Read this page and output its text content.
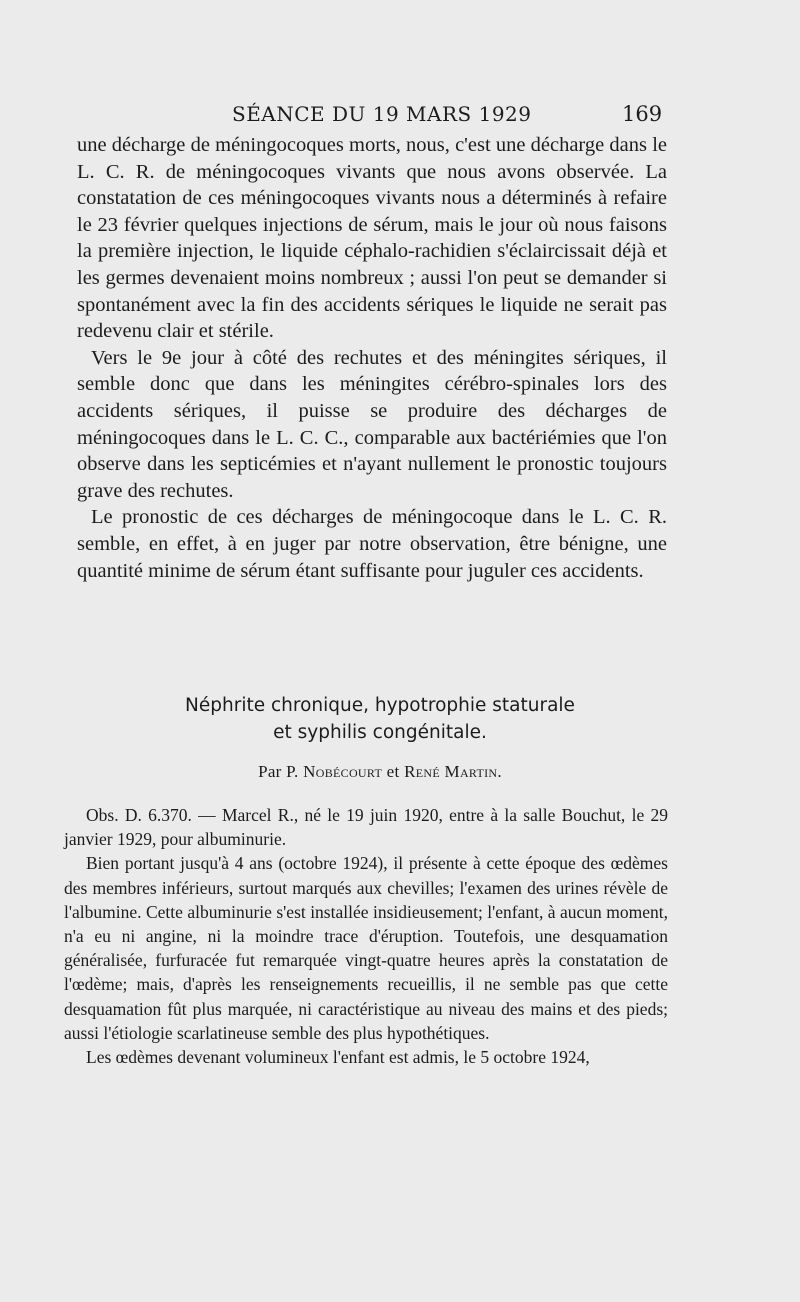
SÉANCE DU 19 MARS 1929	169

une décharge de méningocoques morts, nous, c'est une décharge dans le L. C. R. de méningocoques vivants que nous avons observée. La constatation de ces méningocoques vivants nous a déterminés à refaire le 23 février quelques injections de sérum, mais le jour où nous faisons la première injection, le liquide céphalo-rachidien s'éclaircissait déjà et les germes devenaient moins nombreux ; aussi l'on peut se demander si spontanément avec la fin des accidents sériques le liquide ne serait pas redevenu clair et stérile.

Vers le 9e jour à côté des rechutes et des méningites sériques, il semble donc que dans les méningites cérébro-spinales lors des accidents sériques, il puisse se produire des décharges de méningocoques dans le L. C. C., comparable aux bactériémies que l'on observe dans les septicémies et n'ayant nullement le pronostic toujours grave des rechutes.

Le pronostic de ces décharges de méningocoque dans le L. C. R. semble, en effet, à en juger par notre observation, être bénigne, une quantité minime de sérum étant suffisante pour juguler ces accidents.

Néphrite chronique, hypotrophie staturale
et syphilis congénitale.
Par P. Nobécourt et René Martin.

Obs. D. 6.370. — Marcel R., né le 19 juin 1920, entre à la salle Bouchut, le 29 janvier 1929, pour albuminurie.

Bien portant jusqu'à 4 ans (octobre 1924), il présente à cette époque des œdèmes des membres inférieurs, surtout marqués aux chevilles; l'examen des urines révèle de l'albumine. Cette albuminurie s'est installée insidieusement; l'enfant, à aucun moment, n'a eu ni angine, ni la moindre trace d'éruption. Toutefois, une desquamation généralisée, furfuracée fut remarquée vingt-quatre heures après la constatation de l'œdème; mais, d'après les renseignements recueillis, il ne semble pas que cette desquamation fût plus marquée, ni caractéristique au niveau des mains et des pieds; aussi l'étiologie scarlatineuse semble des plus hypothétiques.

Les œdèmes devenant volumineux l'enfant est admis, le 5 octobre 1924,
